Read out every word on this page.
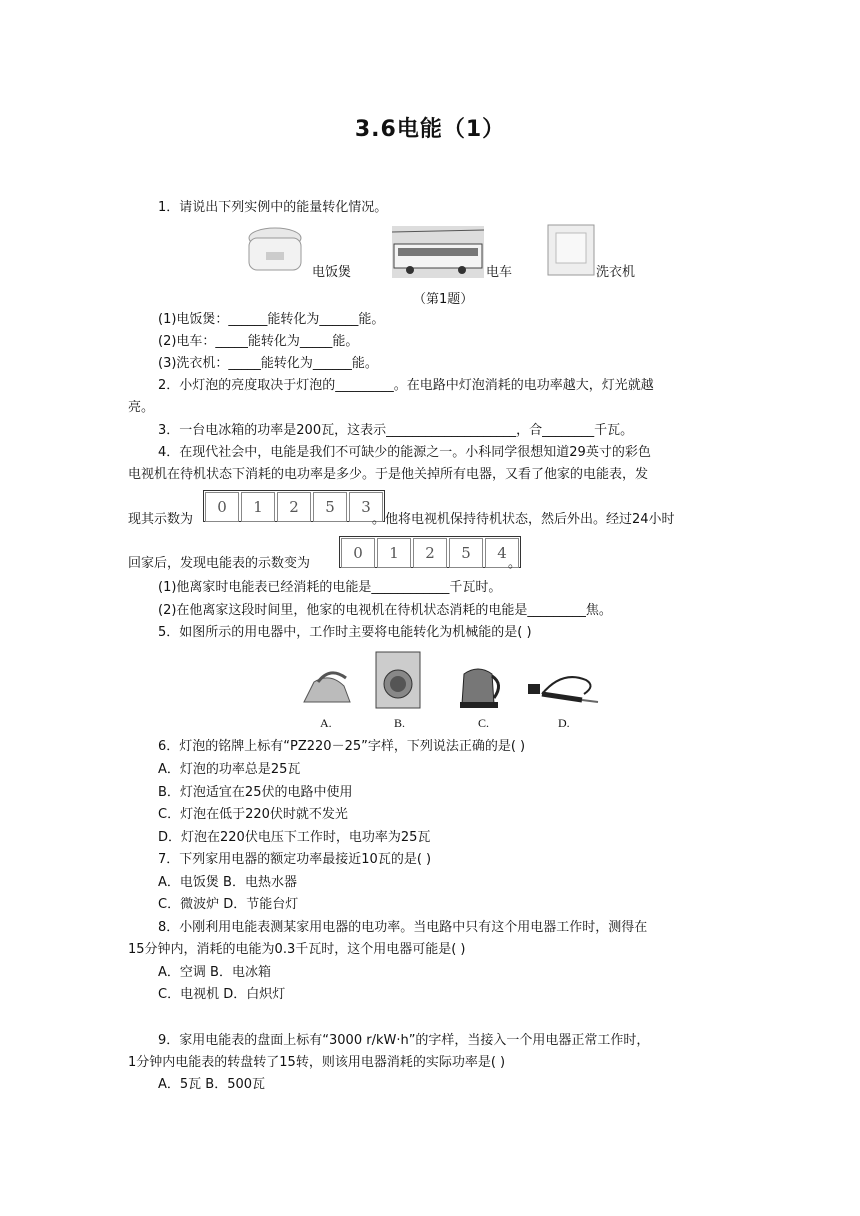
3.6电能（1）
1．请说出下列实例中的能量转化情况。
电饭煲	电车	洗衣机
（第1题）
(1)电饭煲：______能转化为______能。
(2)电车：_____能转化为_____能。
(3)洗衣机：_____能转化为______能。
2．小灯泡的亮度取决于灯泡的_________。在电路中灯泡消耗的电功率越大，灯光就越
亮。
3．一台电冰箱的功率是200瓦，这表示____________________，合________千瓦。
4．在现代社会中，电能是我们不可缺少的能源之一。小科同学很想知道29英寸的彩色
电视机在待机状态下消耗的电功率是多少。于是他关掉所有电器，又看了他家的电能表，发
现其示数为
0	1	2	5	3
。他将电视机保持待机状态，然后外出。经过24小时
回家后，发现电能表的示数变为
0	1	2	5	4
。
(1)他离家时电能表已经消耗的电能是____________千瓦时。
(2)在他离家这段时间里，他家的电视机在待机状态消耗的电能是_________焦。
5．如图所示的用电器中，工作时主要将电能转化为机械能的是( )
A.	B.	C.	D.
6．灯泡的铭牌上标有“PZ220－25”字样，下列说法正确的是( )
A．灯泡的功率总是25瓦
B．灯泡适宜在25伏的电路中使用
C．灯泡在低于220伏时就不发光
D．灯泡在220伏电压下工作时，电功率为25瓦
7．下列家用电器的额定功率最接近10瓦的是( )
A．电饭煲 B．电热水器
C．微波炉 D．节能台灯
8．小刚利用电能表测某家用电器的电功率。当电路中只有这个用电器工作时，测得在
15分钟内，消耗的电能为0.3千瓦时，这个用电器可能是( )
A．空调 B．电冰箱
C．电视机 D．白炽灯
9．家用电能表的盘面上标有“3000 r/kW·h”的字样，当接入一个用电器正常工作时，
1分钟内电能表的转盘转了15转，则该用电器消耗的实际功率是( )
A．5瓦 B．500瓦
